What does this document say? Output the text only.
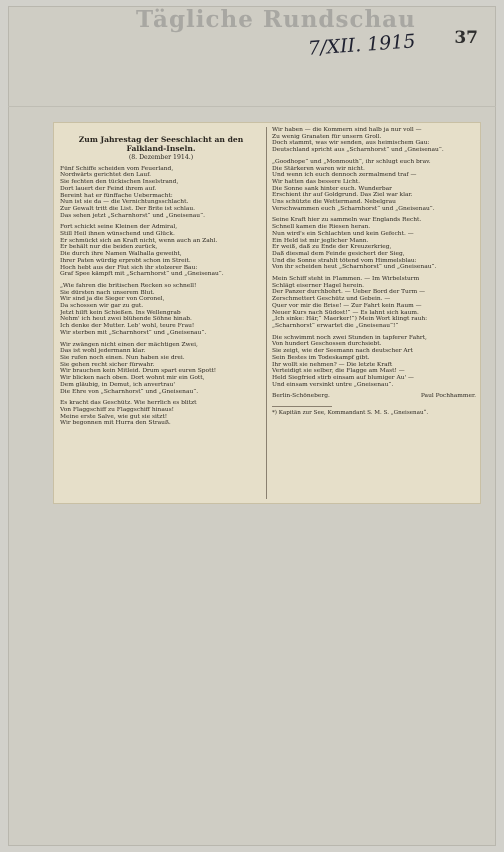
Tägliche Rundschau
7/XII. 1915 37
Zum Jahrestag der Seeschlacht an den Falkland-Inseln.
(8. Dezember 1914.)
Fünf Schiffe scheiden vom Feuerland,
Nordwärts gerichtet den Lauf.
Sie fechten den tückischen Inselstrand,
Dort lauert der Feind ihrem auf.
Bereint hat er fünffache Uebermacht:
Nun ist sie da — die Vernichtungsschlacht.
Zur Gewalt tritt die List. Der Brite ist schlau.
Das sehen jetzt „Scharnhorst“ und „Gneisenau“.
Fort schickt seine Kleinen der Admiral,
Still Heil ihnen wünschend und Glück.
Er schmückt sich an Kraft nicht, wenn auch an Zahl.
Er behält nur die beiden zurück,
Die durch ihre Namen Walhalla geweiht,
Ihrer Paten würdig erprobt schon im Streit.
Hoch hebt aus der Flut sich ihr stolzerer Bau:
Graf Spee kämpft mit „Scharnhorst“ und „Gneisenau“.
„Wie fahren die britischen Recken so schnell!
Sie dürsten nach unserem Blut.
Wir sind ja die Sieger von Coronel,
Da schossen wir gar zu gut.
Jetzt hilft kein Schießen. Ins Wellengrab
Nehm' ich heut zwei blühende Söhne hinab.
Ich denke der Mutter. Leb' wohl, teure Frau!
Wir sterben mit „Scharnhorst“ und „Gneisenau“.
Wir zwängen nicht einen der mächtigen Zwei,
Das ist wohl jedermann klar.
Sie rufen noch einen. Nun haben sie drei.
Sie gehen recht sicher fürwahr.
Wir brauchen kein Mitleid. Drum spart euren Spott!
Wir blicken nach oben. Dort wohnt mir ein Gott,
Dem gläubig, in Demut, ich anvertrau'
Die Ehre von „Scharnhorst“ und „Gneisenau“.
Es kracht das Geschütz. Wie herrlich es blitzt
Von Flaggschiff zu Flaggschiff hinaus!
Meine erste Salve, wie gut sie sitzt!
Wir begonnen mit Hurra den Strauß.
Wir haben — die Kommern sind halb ja nur voll —
Zu wenig Granaten für unsern Groll.
Doch stammt, was wir senden, aus heimischem Gau:
Deutschland spricht aus „Scharnhorst“ und „Gneisenau“.
„Goodhope“ und „Monmouth“, ihr schlugt euch brav.
Die Stärkeren waren wir nicht.
Und wenn ich euch dennoch zermalmend traf —
Wir hatten das bessere Licht.
Die Sonne sank hinter euch. Wunderbar
Erschient ihr auf Goldgrund. Das Ziel war klar.
Uns schützte die Wettermand. Nebelgrau
Verschwammen euch „Scharnhorst“ und „Gneisenau“.
Seine Kraft hier zu sammeln war Englands Recht.
Schnell kamen die Riesen heran.
Nun wird's ein Schlachten und kein Gefecht. —
Ein Held ist mir jeglicher Mann.
Er weiß, daß zu Ende der Kreuzerkrieg,
Daß diesmal dem Feinde gesichert der Sieg,
Und die Sonne strahlt tötend vom Himmelsblau:
Von ihr scheiden heut „Scharnhorst“ und „Gneisenau“.
Mein Schiff steht in Flammen. — Im Wirbelsturm
Schlägt eiserner Hagel herein.
Der Panzer durchbohrt. — Ueber Bord der Turm —
Zerschmettert Geschütz und Gebein. —
Quer vor mir die Brise! — Zur Fahrt kein Raum —
Neuer Kurs nach Südost!“ — Es lahnt sich kaum.
„Ich sinke: Här,“ Maerker!“) Mein Wort klingt rauh:
„Scharnhorst“ erwartet die „Gneisenau“!“
Die schwimmt noch zwei Stunden in tapferer Fahrt,
Von hundert Geschossen durchsiebt.
Sie zeigt, wie der Seemann nach deutscher Art
Sein Bestes im Todeskampf gibt.
Ihr wollt sie nehmen? — Die letzte Kraft
Verteidigt sie selber, die Flagge am Mast! —
Held Siegfried stirb einsam auf blumiger Au' —
Und einsam versinkt untre „Gneisenau“.
Berlin-Schöneberg.	Paul Pochhammer.
*) Kapitän zur See, Kommandant S. M. S. „Gneisenau“.
